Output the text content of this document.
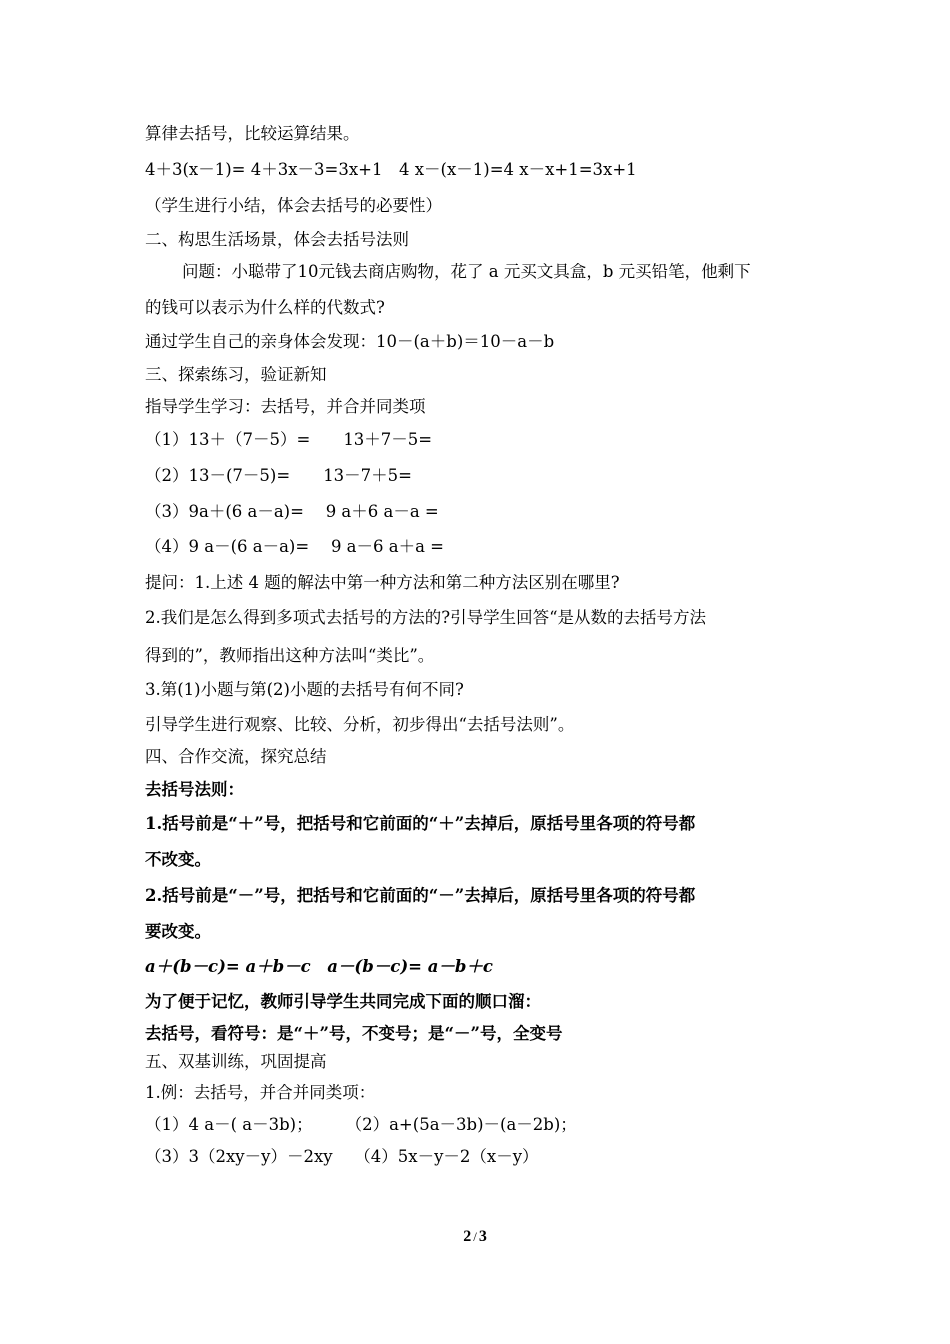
算律去括号，比较运算结果。
4＋3(x－1)= 4＋3x－3=3x+1　4 x－(x－1)=4 x－x+1=3x+1
（学生进行小结，体会去括号的必要性）
二、构思生活场景，体会去括号法则
问题：小聪带了10元钱去商店购物，花了 a 元买文具盒，b 元买铅笔，他剩下
的钱可以表示为什么样的代数式?
通过学生自己的亲身体会发现：10－(a＋b)＝10－a－b
三、探索练习，验证新知
指导学生学习：去括号，并合并同类项
（1）13＋（7－5）=　　13＋7－5=
（2）13－(7－5)=　　13－7＋5=
（3）9a＋(6 a－a)=　 9 a＋6 a－a =
（4）9 a－(6 a－a)=　 9 a－6 a＋a =
提问：1.上述 4 题的解法中第一种方法和第二种方法区别在哪里?
2.我们是怎么得到多项式去括号的方法的?引导学生回答“是从数的去括号方法
得到的”，教师指出这种方法叫“类比”。
3.第(1)小题与第(2)小题的去括号有何不同?
引导学生进行观察、比较、分析，初步得出“去括号法则”。
四、合作交流，探究总结
去括号法则：
1.括号前是“＋”号，把括号和它前面的“＋”去掉后，原括号里各项的符号都
不改变。
2.括号前是“－”号，把括号和它前面的“－”去掉后，原括号里各项的符号都
要改变。
a＋(b－c)= a＋b－c　a－(b－c)= a－b＋c
为了便于记忆，教师引导学生共同完成下面的顺口溜：
去括号，看符号：是“＋”号，不变号；是“－”号，全变号
五、双基训练，巩固提高
1.例：去括号，并合并同类项：
（1）4 a－( a－3b)；　　　（2）a+(5a－3b)－(a－2b)；
（3）3（2xy－y）－2xy　 （4）5x－y－2（x－y）
2 / 3
